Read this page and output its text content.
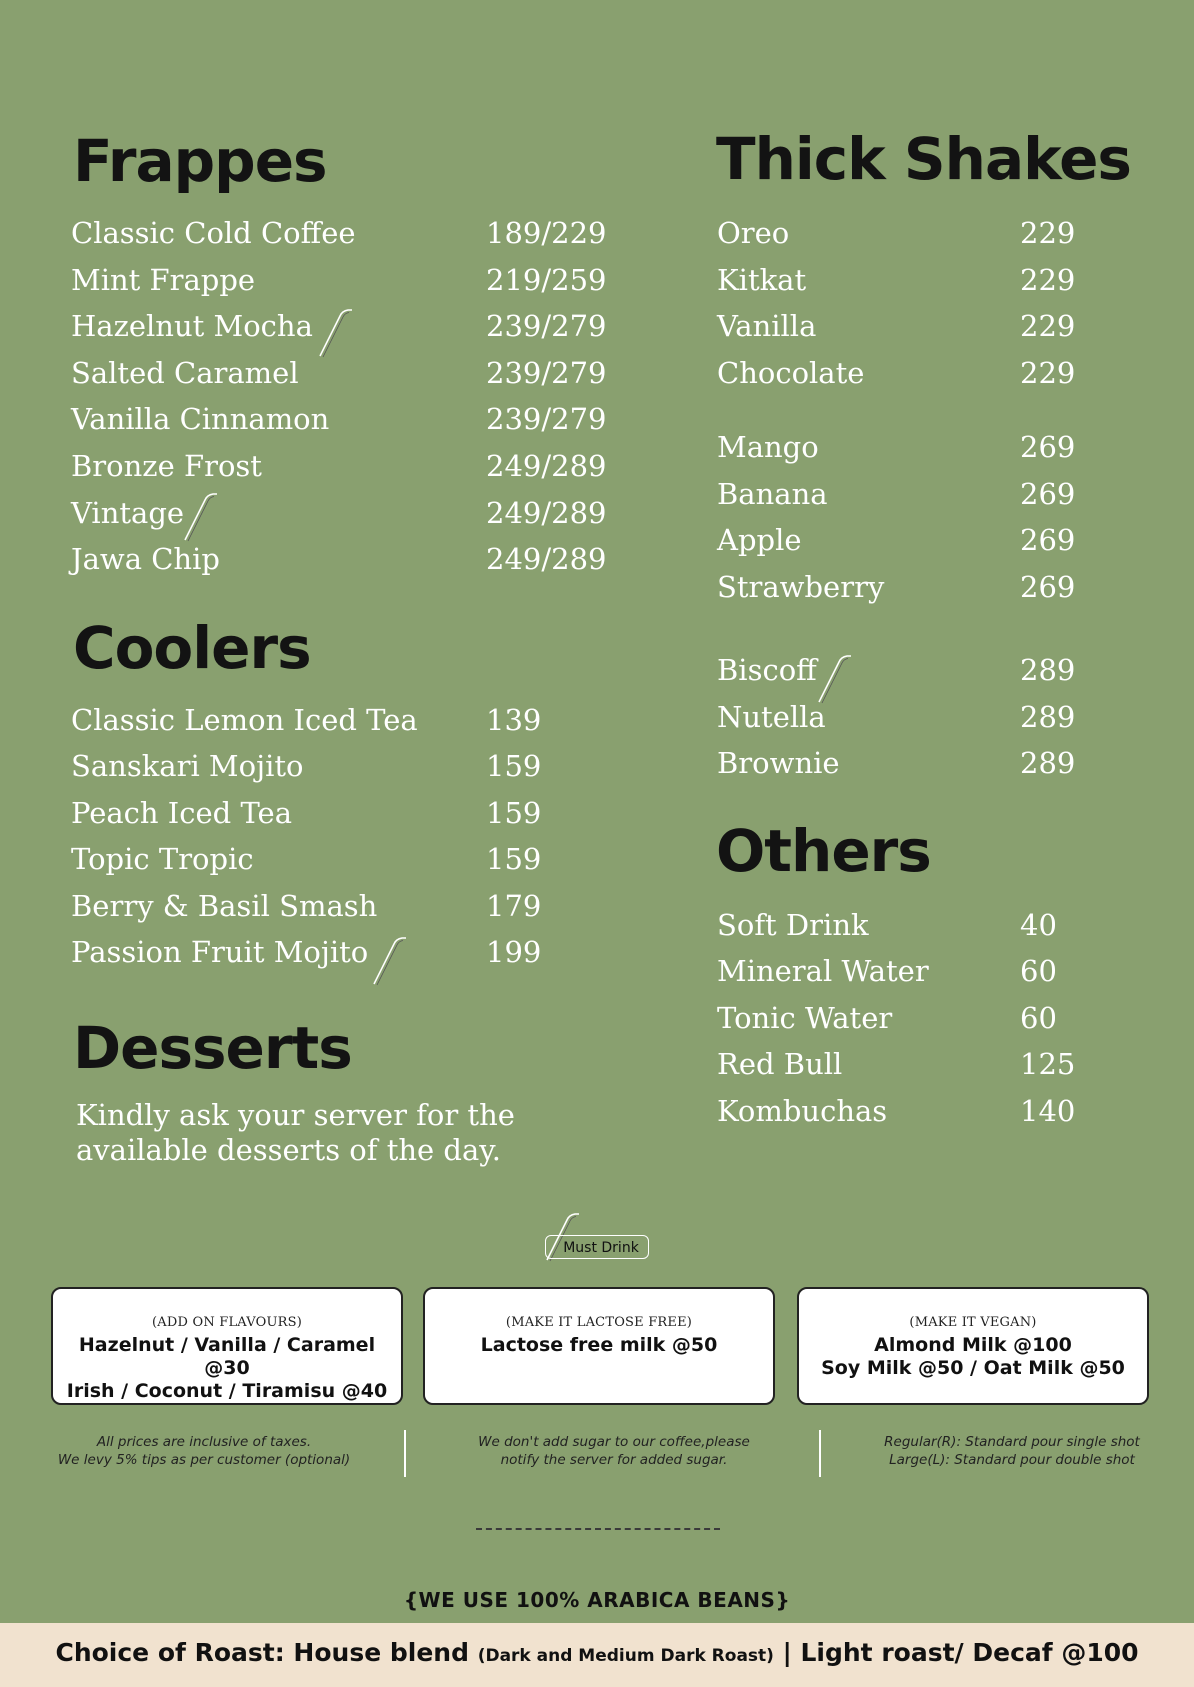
Frappes
Classic Cold Coffee	189/229
Mint Frappe	219/259
Hazelnut Mocha	239/279
Salted Caramel	239/279
Vanilla Cinnamon	239/279
Bronze Frost	249/289
Vintage	249/289
Jawa Chip	249/289
Coolers
Classic Lemon Iced Tea 139
Sanskari Mojito	159
Peach Iced Tea	159
Topic Tropic	159
Berry & Basil Smash	179
Passion Fruit Mojito	199
Desserts
Kindly ask your server for the available desserts of the day.
Thick Shakes
Oreo	229
Kitkat	229
Vanilla	229
Chocolate	229
Mango	269
Banana	269
Apple	269
Strawberry	269
Biscoff	289
Nutella	289
Brownie	289
Others
Soft Drink	40
Mineral Water	60
Tonic Water	60
Red Bull	125
Kombuchas	140
Must Drink
(ADD ON FLAVOURS)
Hazelnut / Vanilla / Caramel @30
Irish / Coconut / Tiramisu @40
(MAKE IT LACTOSE FREE)
Lactose free milk @50
(MAKE IT VEGAN)
Almond Milk @100
Soy Milk @50 / Oat Milk @50
All prices are inclusive of taxes.
We levy 5% tips as per customer (optional)
We don't add sugar to our coffee,please
notify the server for added sugar.
Regular(R): Standard pour single shot
Large(L): Standard pour double shot
{WE USE 100% ARABICA BEANS}
Choice of Roast: House blend (Dark and Medium Dark Roast) | Light roast/ Decaf @100
